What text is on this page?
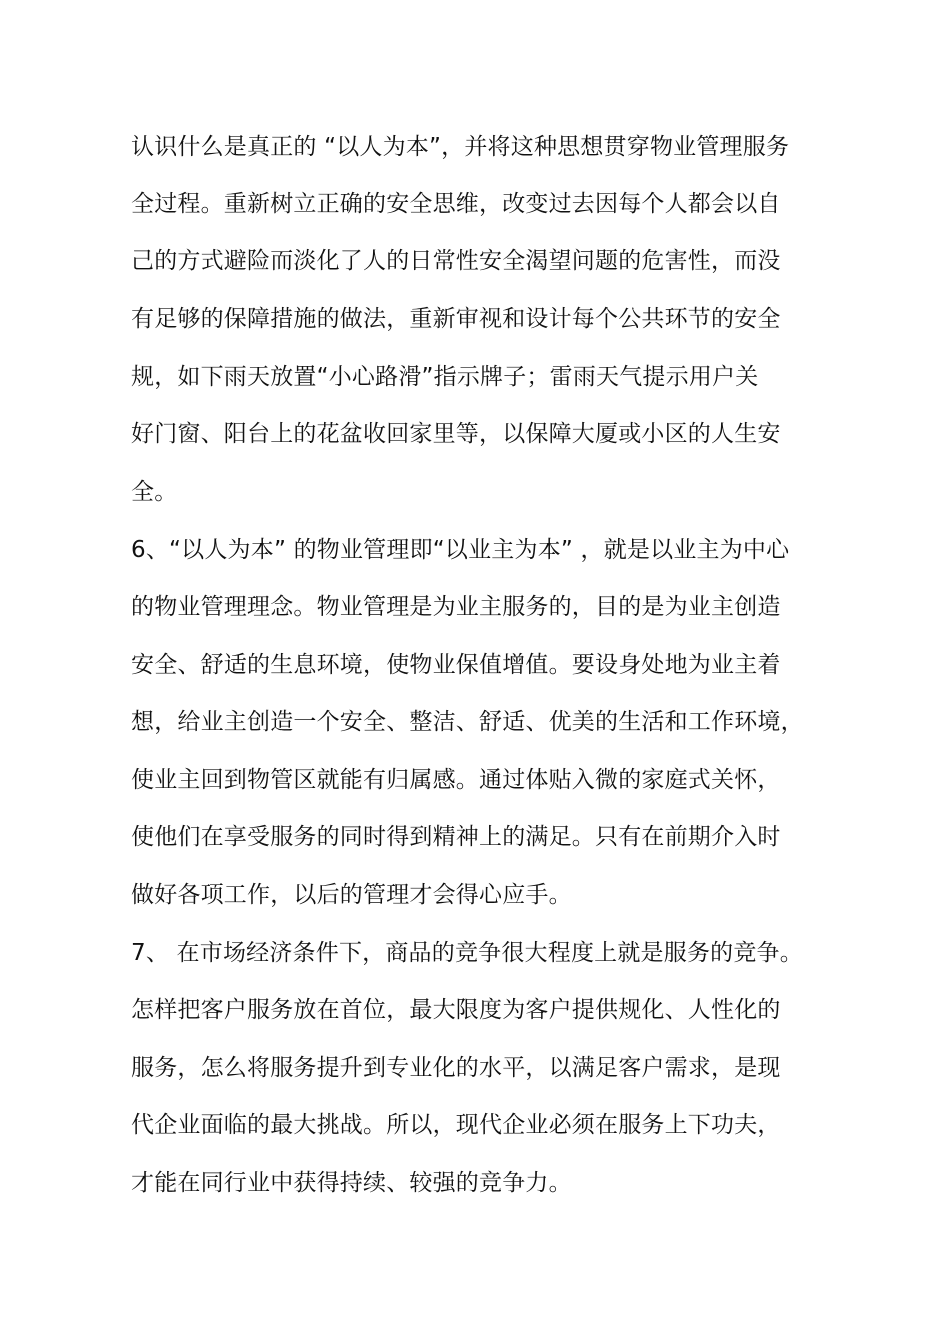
认识什么是真正的 “以人为本”，并将这种思想贯穿物业管理服务

全过程。重新树立正确的安全思维，改变过去因每个人都会以自

己的方式避险而淡化了人的日常性安全渴望问题的危害性，而没

有足够的保障措施的做法，重新审视和设计每个公共环节的安全

规，如下雨天放置“小心路滑”指示牌子；雷雨天气提示用户关

好门窗、阳台上的花盆收回家里等，以保障大厦或小区的人生安

全。

6、“以人为本” 的物业管理即“以业主为本” ，就是以业主为中心

的物业管理理念。物业管理是为业主服务的，目的是为业主创造

安全、舒适的生息环境，使物业保值增值。要设身处地为业主着

想，给业主创造一个安全、整洁、舒适、优美的生活和工作环境，

使业主回到物管区就能有归属感。通过体贴入微的家庭式关怀，

使他们在享受服务的同时得到精神上的满足。只有在前期介入时

做好各项工作，以后的管理才会得心应手。

7、 在市场经济条件下，商品的竞争很大程度上就是服务的竞争。

怎样把客户服务放在首位，最大限度为客户提供规化、人性化的

服务，怎么将服务提升到专业化的水平，以满足客户需求，是现

代企业面临的最大挑战。所以，现代企业必须在服务上下功夫，

才能在同行业中获得持续、较强的竞争力。
